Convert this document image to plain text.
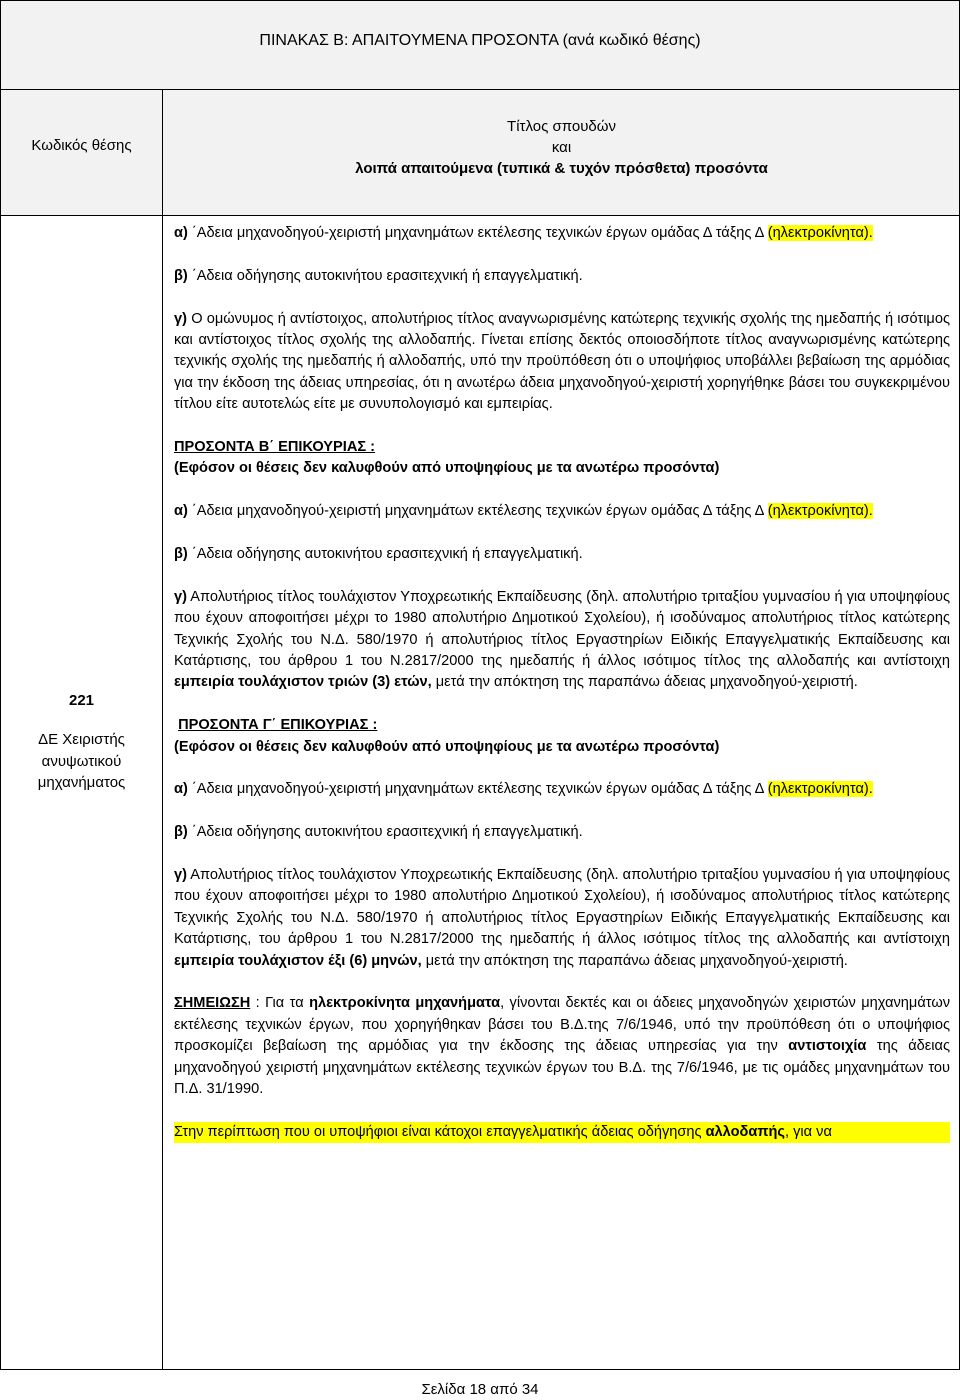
ΠΙΝΑΚΑΣ Β: ΑΠΑΙΤΟΥΜΕΝΑ ΠΡΟΣΟΝΤΑ (ανά κωδικό θέσης)
Κωδικός θέσης
Τίτλος σπουδών
και
λοιπά απαιτούμενα (τυπικά & τυχόν πρόσθετα) προσόντα
221
ΔΕ Χειριστής
ανυψωτικού
μηχανήματος

α) ΄Αδεια μηχανοδηγού-χειριστή μηχανημάτων εκτέλεσης τεχνικών έργων ομάδας Δ τάξης Δ (ηλεκτροκίνητα).

β) ΄Αδεια οδήγησης αυτοκινήτου ερασιτεχνική ή επαγγελματική.

γ) Ο ομώνυμος ή αντίστοιχος, απολυτήριος τίτλος αναγνωρισμένης κατώτερης τεχνικής σχολής της ημεδαπής ή ισότιμος και αντίστοιχος τίτλος σχολής της αλλοδαπής. Γίνεται επίσης δεκτός οποιοσδήποτε τίτλος αναγνωρισμένης κατώτερης τεχνικής σχολής της ημεδαπής ή αλλοδαπής, υπό την προϋπόθεση ότι ο υποψήφιος υποβάλλει βεβαίωση της αρμόδιας για την έκδοση της άδειας υπηρεσίας, ότι η ανωτέρω άδεια μηχανοδηγού-χειριστή χορηγήθηκε βάσει του συγκεκριμένου τίτλου είτε αυτοτελώς είτε με συνυπολογισμό και εμπειρίας.

ΠΡΟΣΟΝΤΑ Β΄ ΕΠΙΚΟΥΡΙΑΣ :

(Εφόσον οι θέσεις δεν καλυφθούν από υποψηφίους με τα ανωτέρω προσόντα)

α) ΄Αδεια μηχανοδηγού-χειριστή μηχανημάτων εκτέλεσης τεχνικών έργων ομάδας Δ τάξης Δ (ηλεκτροκίνητα).

β) ΄Αδεια οδήγησης αυτοκινήτου ερασιτεχνική ή επαγγελματική.

γ) Απολυτήριος τίτλος τουλάχιστον Υποχρεωτικής Εκπαίδευσης (δηλ. απολυτήριο τριταξίου γυμνασίου ή για υποψηφίους που έχουν αποφοιτήσει μέχρι το 1980 απολυτήριο Δημοτικού Σχολείου), ή ισοδύναμος απολυτήριος τίτλος κατώτερης Τεχνικής Σχολής του Ν.Δ. 580/1970 ή απολυτήριος τίτλος Εργαστηρίων Ειδικής Επαγγελματικής Εκπαίδευσης και Κατάρτισης, του άρθρου 1 του Ν.2817/2000 της ημεδαπής ή άλλος ισότιμος τίτλος της αλλοδαπής και αντίστοιχη εμπειρία τουλάχιστον τριών (3) ετών, μετά την απόκτηση της παραπάνω άδειας μηχανοδηγού-χειριστή.

ΠΡΟΣΟΝΤΑ Γ΄ ΕΠΙΚΟΥΡΙΑΣ :

(Εφόσον οι θέσεις δεν καλυφθούν από υποψηφίους με τα ανωτέρω προσόντα)

α) ΄Αδεια μηχανοδηγού-χειριστή μηχανημάτων εκτέλεσης τεχνικών έργων ομάδας Δ τάξης Δ (ηλεκτροκίνητα).

β) ΄Αδεια οδήγησης αυτοκινήτου ερασιτεχνική ή επαγγελματική.

γ) Απολυτήριος τίτλος τουλάχιστον Υποχρεωτικής Εκπαίδευσης (δηλ. απολυτήριο τριταξίου γυμνασίου ή για υποψηφίους που έχουν αποφοιτήσει μέχρι το 1980 απολυτήριο Δημοτικού Σχολείου), ή ισοδύναμος απολυτήριος τίτλος κατώτερης Τεχνικής Σχολής του Ν.Δ. 580/1970 ή απολυτήριος τίτλος Εργαστηρίων Ειδικής Επαγγελματικής Εκπαίδευσης και Κατάρτισης, του άρθρου 1 του Ν.2817/2000 της ημεδαπής ή άλλος ισότιμος τίτλος της αλλοδαπής και αντίστοιχη εμπειρία τουλάχιστον έξι (6) μηνών, μετά την απόκτηση της παραπάνω άδειας μηχανοδηγού-χειριστή.

ΣΗΜΕΙΩΣΗ : Για τα ηλεκτροκίνητα μηχανήματα, γίνονται δεκτές και οι άδειες μηχανοδηγών χειριστών μηχανημάτων εκτέλεσης τεχνικών έργων, που χορηγήθηκαν βάσει του Β.Δ.της 7/6/1946, υπό την προϋπόθεση ότι ο υποψήφιος προσκομίζει βεβαίωση της αρμόδιας για την έκδοσης της άδειας υπηρεσίας για την αντιστοιχία της άδειας μηχανοδηγού χειριστή μηχανημάτων εκτέλεσης τεχνικών έργων του Β.Δ. της 7/6/1946, με τις ομάδες μηχανημάτων του Π.Δ. 31/1990.

Στην περίπτωση που οι υποψήφιοι είναι κάτοχοι επαγγελματικής άδειας οδήγησης αλλοδαπής, για να

Σελίδα 18 από 34
